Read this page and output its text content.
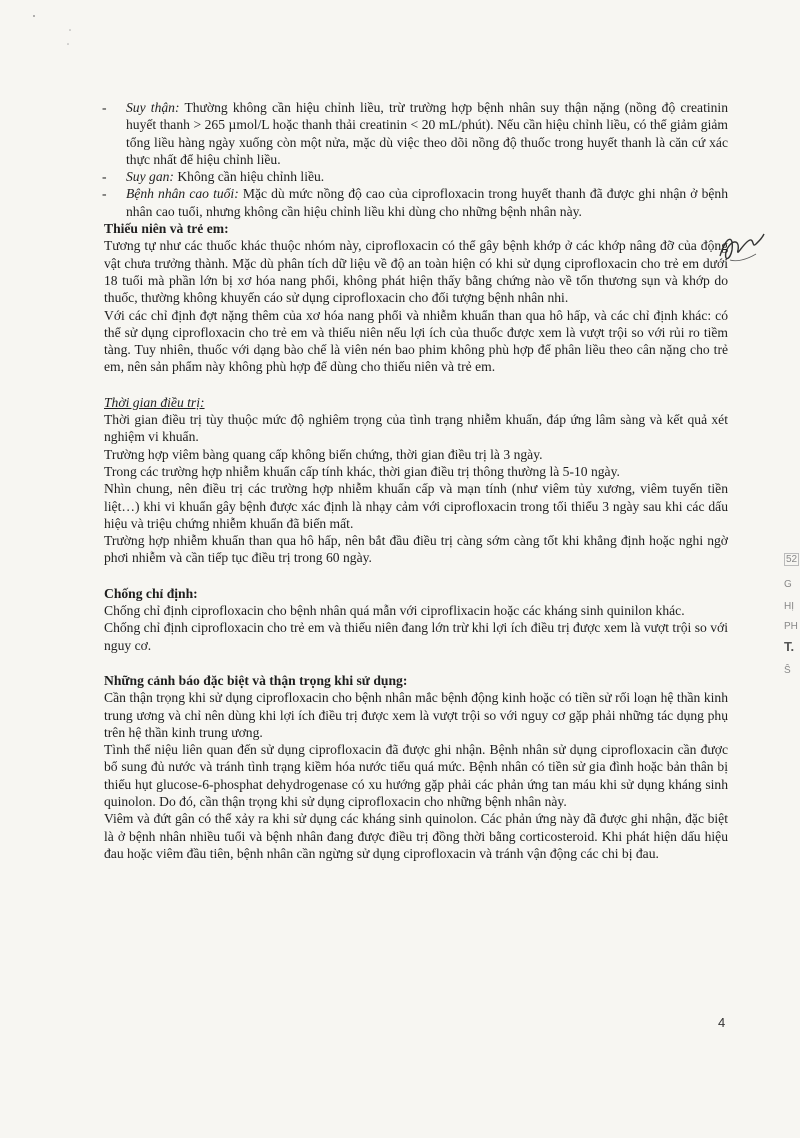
52
G
HỊ
PH
T.
Ŝ
- Suy thận: Thường không cần hiệu chỉnh liều, trừ trường hợp bệnh nhân suy thận nặng (nồng độ creatinin huyết thanh > 265 µmol/L hoặc thanh thải creatinin < 20 mL/phút). Nếu cần hiệu chỉnh liều, có thể giảm giảm tổng liều hàng ngày xuống còn một nửa, mặc dù việc theo dõi nồng độ thuốc trong huyết thanh là căn cứ xác thực nhất để hiệu chỉnh liều.
- Suy gan: Không cần hiệu chỉnh liều.
- Bệnh nhân cao tuổi: Mặc dù mức nồng độ cao của ciprofloxacin trong huyết thanh đã được ghi nhận ở bệnh nhân cao tuổi, nhưng không cần hiệu chỉnh liều khi dùng cho những bệnh nhân này.
Thiếu niên và trẻ em:

Tương tự như các thuốc khác thuộc nhóm này, ciprofloxacin có thể gây bệnh khớp ở các khớp nâng đỡ của động vật chưa trưởng thành. Mặc dù phân tích dữ liệu về độ an toàn hiện có khi sử dụng ciprofloxacin cho trẻ em dưới 18 tuổi mà phần lớn bị xơ hóa nang phổi, không phát hiện thấy bằng chứng nào về tổn thương sụn và khớp do thuốc, thường không khuyến cáo sử dụng ciprofloxacin cho đối tượng bệnh nhân nhi.

Với các chỉ định đợt nặng thêm của xơ hóa nang phổi và nhiễm khuẩn than qua hô hấp, và các chỉ định khác: có thể sử dụng ciprofloxacin cho trẻ em và thiếu niên nếu lợi ích của thuốc được xem là vượt trội so với rủi ro tiềm tàng. Tuy nhiên, thuốc với dạng bào chế là viên nén bao phim không phù hợp để phân liều theo cân nặng cho trẻ em, nên sản phẩm này không phù hợp để dùng cho thiếu niên và trẻ em.

Thời gian điều trị:

Thời gian điều trị tùy thuộc mức độ nghiêm trọng của tình trạng nhiễm khuẩn, đáp ứng lâm sàng và kết quả xét nghiệm vi khuẩn.

Trường hợp viêm bàng quang cấp không biến chứng, thời gian điều trị là 3 ngày.

Trong các trường hợp nhiễm khuẩn cấp tính khác, thời gian điều trị thông thường là 5-10 ngày.

Nhìn chung, nên điều trị các trường hợp nhiễm khuẩn cấp và mạn tính (như viêm tủy xương, viêm tuyến tiền liệt…) khi vi khuẩn gây bệnh được xác định là nhạy cảm với ciprofloxacin trong tối thiểu 3 ngày sau khi các dấu hiệu và triệu chứng nhiễm khuẩn đã biến mất.

Trường hợp nhiễm khuẩn than qua hô hấp, nên bắt đầu điều trị càng sớm càng tốt khi khẳng định hoặc nghi ngờ phơi nhiễm và cần tiếp tục điều trị trong 60 ngày.

Chống chỉ định:

Chống chỉ định ciprofloxacin cho bệnh nhân quá mẫn với ciproflixacin hoặc các kháng sinh quinilon khác.

Chống chỉ định ciprofloxacin cho trẻ em và thiếu niên đang lớn trừ khi lợi ích điều trị được xem là vượt trội so với nguy cơ.

Những cảnh báo đặc biệt và thận trọng khi sử dụng:

Cần thận trọng khi sử dụng ciprofloxacin cho bệnh nhân mắc bệnh động kinh hoặc có tiền sử rối loạn hệ thần kinh trung ương và chỉ nên dùng khi lợi ích điều trị được xem là vượt trội so với nguy cơ gặp phải những tác dụng phụ trên hệ thần kinh trung ương.

Tình thể niệu liên quan đến sử dụng ciprofloxacin đã được ghi nhận. Bệnh nhân sử dụng ciprofloxacin cần được bổ sung đủ nước và tránh tình trạng kiềm hóa nước tiểu quá mức. Bệnh nhân có tiền sử gia đình hoặc bản thân bị thiếu hụt glucose-6-phosphat dehydrogenase có xu hướng gặp phải các phản ứng tan máu khi sử dụng kháng sinh quinolon. Do đó, cần thận trọng khi sử dụng ciprofloxacin cho những bệnh nhân này.

Viêm và đứt gân có thể xảy ra khi sử dụng các kháng sinh quinolon. Các phản ứng này đã được ghi nhận, đặc biệt là ở bệnh nhân nhiều tuổi và bệnh nhân đang được điều trị đồng thời bằng corticosteroid. Khi phát hiện dấu hiệu đau hoặc viêm đầu tiên, bệnh nhân cần ngừng sử dụng ciprofloxacin và tránh vận động các chi bị đau.

4
